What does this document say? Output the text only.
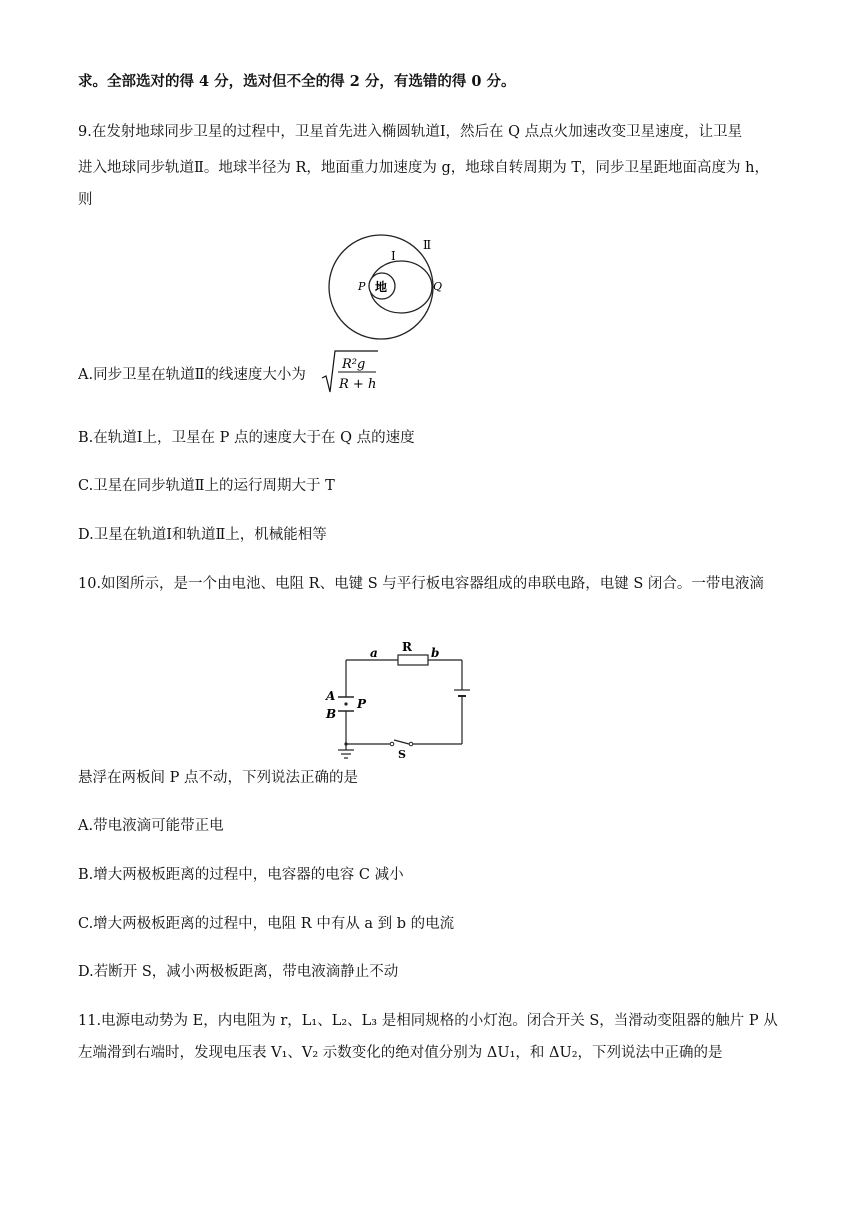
求。全部选对的得 4 分，选对但不全的得 2 分，有选错的得 0 分。
9.在发射地球同步卫星的过程中，卫星首先进入椭圆轨道Ⅰ，然后在 Q 点点火加速改变卫星速度，让卫星
进入地球同步轨道Ⅱ。地球半径为 R，地面重力加速度为 g，地球自转周期为 T，同步卫星距地面高度为 h，
则
地
Ⅱ
Ⅰ
P	Q
A.同步卫星在轨道Ⅱ的线速度大小为
R²g
R + h
B.在轨道Ⅰ上，卫星在 P 点的速度大于在 Q 点的速度
C.卫星在同步轨道Ⅱ上的运行周期大于 T
D.卫星在轨道Ⅰ和轨道Ⅱ上，机械能相等
10.如图所示，是一个由电池、电阻 R、电键 S 与平行板电容器组成的串联电路，电键 S 闭合。一带电液滴
a R b
A
B
P
S
悬浮在两板间 P 点不动，下列说法正确的是
A.带电液滴可能带正电
B.增大两极板距离的过程中，电容器的电容 C 减小
C.增大两极板距离的过程中，电阻 R 中有从 a 到 b 的电流
D.若断开 S，减小两极板距离，带电液滴静止不动
11.电源电动势为 E，内电阻为 r，L₁、L₂、L₃ 是相同规格的小灯泡。闭合开关 S，当滑动变阻器的触片 P 从
左端滑到右端时，发现电压表 V₁、V₂ 示数变化的绝对值分别为 ΔU₁，和 ΔU₂，下列说法中正确的是
